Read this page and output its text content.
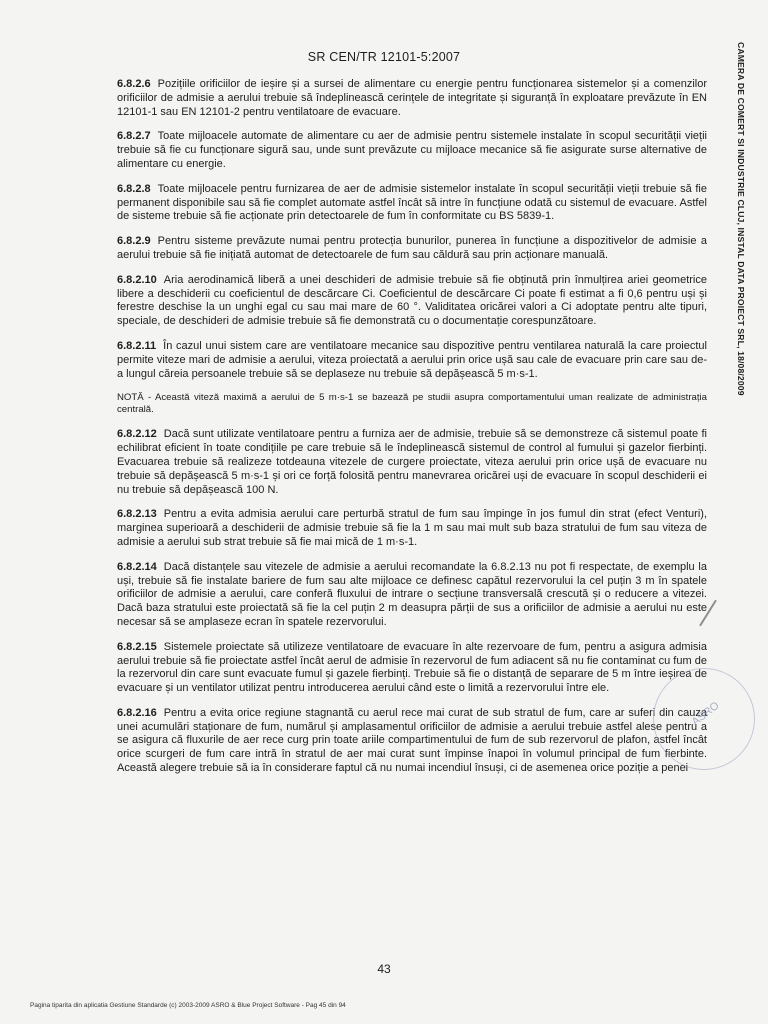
SR CEN/TR 12101-5:2007	CAMERA DE COMERT SI INDUSTRIE CLUJ, INSTAL DATA PROIECT SRL, 18/08/2009

6.8.2.6 Pozițiile orificiilor de ieșire și a sursei de alimentare cu energie pentru funcționarea sistemelor și a comenzilor orificiilor de admisie a aerului trebuie să îndeplinească cerințele de integritate și siguranță în exploatare prevăzute în EN 12101-1 sau EN 12101-2 pentru ventilatoare de evacuare.

6.8.2.7 Toate mijloacele automate de alimentare cu aer de admisie pentru sistemele instalate în scopul securității vieții trebuie să fie cu funcționare sigură sau, unde sunt prevăzute cu mijloace mecanice să fie asigurate surse alternative de alimentare cu energie.

6.8.2.8 Toate mijloacele pentru furnizarea de aer de admisie sistemelor instalate în scopul securității vieții trebuie să fie permanent disponibile sau să fie complet automate astfel încât să intre în funcțiune odată cu sistemul de evacuare. Astfel de sisteme trebuie să fie acționate prin detectoarele de fum în conformitate cu BS 5839-1.

6.8.2.9 Pentru sisteme prevăzute numai pentru protecția bunurilor, punerea în funcțiune a dispozitivelor de admisie a aerului trebuie să fie inițiată automat de detectoarele de fum sau căldură sau prin acționare manuală.

6.8.2.10 Aria aerodinamică liberă a unei deschideri de admisie trebuie să fie obținută prin înmulțirea ariei geometrice libere a deschiderii cu coeficientul de descărcare Ci. Coeficientul de descărcare Ci poate fi estimat a fi 0,6 pentru uși și ferestre deschise la un unghi egal cu sau mai mare de 60 °. Validitatea oricărei valori a Ci adoptate pentru alte tipuri, speciale, de deschideri de admisie trebuie să fie demonstrată cu o documentație corespunzătoare.

6.8.2.11 În cazul unui sistem care are ventilatoare mecanice sau dispozitive pentru ventilarea naturală la care proiectul permite viteze mari de admisie a aerului, viteza proiectată a aerului prin orice ușă sau cale de evacuare prin care sau de-a lungul căreia persoanele trebuie să se deplaseze nu trebuie să depășească 5 m·s-1.

NOTĂ - Această viteză maximă a aerului de 5 m·s-1 se bazează pe studii asupra comportamentului uman realizate de administrația centrală.

6.8.2.12 Dacă sunt utilizate ventilatoare pentru a furniza aer de admisie, trebuie să se demonstreze că sistemul poate fi echilibrat eficient în toate condițiile pe care trebuie să le îndeplinească sistemul de control al fumului și gazelor fierbinți. Evacuarea trebuie să realizeze totdeauna vitezele de curgere proiectate, viteza aerului prin orice ușă de evacuare nu trebuie să depășească 5 m·s-1 și ori ce forță folosită pentru manevrarea oricărei uși de evacuare în scopul deschiderii ei nu trebuie să depășească 100 N.

6.8.2.13 Pentru a evita admisia aerului care perturbă stratul de fum sau împinge în jos fumul din strat (efect Venturi), marginea superioară a deschiderii de admisie trebuie să fie la 1 m sau mai mult sub baza stratului de fum sau viteza de admisie a aerului sub strat trebuie să fie mai mică de 1 m·s-1.

6.8.2.14 Dacă distanțele sau vitezele de admisie a aerului recomandate la 6.8.2.13 nu pot fi respectate, de exemplu la uși, trebuie să fie instalate bariere de fum sau alte mijloace ce definesc capătul rezervorului la cel puțin 3 m în spatele orificiilor de admisie a aerului, care conferă fluxului de intrare o secțiune transversală crescută și o reducere a vitezei. Dacă baza stratului este proiectată să fie la cel puțin 2 m deasupra părții de sus a orificiilor de admisie a aerului nu este necesar să se amplaseze ecran în spatele rezervorului.

6.8.2.15 Sistemele proiectate să utilizeze ventilatoare de evacuare în alte rezervoare de fum, pentru a asigura admisia aerului trebuie să fie proiectate astfel încât aerul de admisie în rezervorul de fum adiacent să nu fie contaminat cu fum de la rezervorul din care sunt evacuate fumul și gazele fierbinți. Trebuie să fie o distanță de separare de 5 m între ieșirea de evacuare și un ventilator utilizat pentru introducerea aerului când este o limită a rezervorului între ele.

6.8.2.16 Pentru a evita orice regiune stagnantă cu aerul rece mai curat de sub stratul de fum, care ar suferi din cauza unei acumulări staționare de fum, numărul și amplasamentul orificiilor de admisie a aerului trebuie astfel alese pentru a se asigura că fluxurile de aer rece curg prin toate ariile compartimentului de fum de sub rezervorul de plafon, astfel încât orice scurgeri de fum care intră în stratul de aer mai curat sunt împinse înapoi în volumul principal de fum fierbinte. Această alegere trebuie să ia în considerare faptul că nu numai incendiul însuși, ci de asemenea orice poziție a penei

ASRO
43
Pagina tiparita din aplicatia Gestiune Standarde (c) 2003-2009 ASRO & Blue Project Software - Pag 45 din 94
